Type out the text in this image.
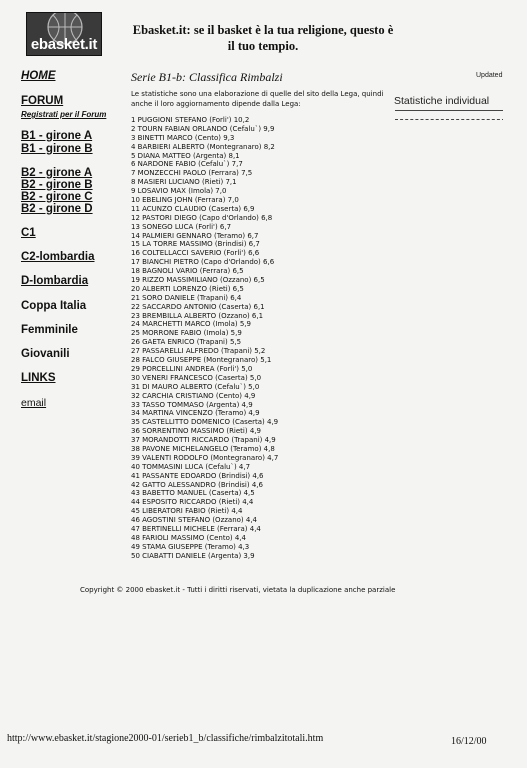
ebasket.it
Ebasket.it: se il basket è la tua religione, questo è il tuo tempio.
HOME
FORUM
Registrati per il Forum
B1 - girone A
B1 - girone B
B2 - girone A
B2 - girone B
B2 - girone C
B2 - girone D
C1
C2-lombardia
D-lombardia
Coppa Italia
Femminile
Giovanili
LINKS
email
Serie B1-b: Classifica Rimbalzi	Updated
Le statistiche sono una elaborazione di quelle del sito della Lega, quindi anche il loro aggiornamento dipende dalla Lega:
1 PUGGIONI STEFANO (Forli') 10,2
2 TOURN FABIAN ORLANDO (Cefalu`) 9,9
3 BINETTI MARCO (Cento) 9,3
4 BARBIERI ALBERTO (Montegranaro) 8,2
5 DIANA MATTEO (Argenta) 8,1
6 NARDONE FABIO (Cefalu`) 7,7
7 MONZECCHI PAOLO (Ferrara) 7,5
8 MASIERI LUCIANO (Rieti) 7,1
9 LOSAVIO MAX (Imola) 7,0
10 EBELING JOHN (Ferrara) 7,0
11 ACUNZO CLAUDIO (Caserta) 6,9
12 PASTORI DIEGO (Capo d'Orlando) 6,8
13 SONEGO LUCA (Forli') 6,7
14 PALMIERI GENNARO (Teramo) 6,7
15 LA TORRE MASSIMO (Brindisi) 6,7
16 COLTELLACCI SAVERIO (Forli') 6,6
17 BIANCHI PIETRO (Capo d'Orlando) 6,6
18 BAGNOLI VARIO (Ferrara) 6,5
19 RIZZO MASSIMILIANO (Ozzano) 6,5
20 ALBERTI LORENZO (Rieti) 6,5
21 SORO DANIELE (Trapani) 6,4
22 SACCARDO ANTONIO (Caserta) 6,1
23 BREMBILLA ALBERTO (Ozzano) 6,1
24 MARCHETTI MARCO (Imola) 5,9
25 MORRONE FABIO (Imola) 5,9
26 GAETA ENRICO (Trapani) 5,5
27 PASSARELLI ALFREDO (Trapani) 5,2
28 FALCO GIUSEPPE (Montegranaro) 5,1
29 PORCELLINI ANDREA (Forli') 5,0
30 VENERI FRANCESCO (Caserta) 5,0
31 DI MAURO ALBERTO (Cefalu`) 5,0
32 CARCHIA CRISTIANO (Cento) 4,9
33 TASSO TOMMASO (Argenta) 4,9
34 MARTINA VINCENZO (Teramo) 4,9
35 CASTELLITTO DOMENICO (Caserta) 4,9
36 SORRENTINO MASSIMO (Rieti) 4,9
37 MORANDOTTI RICCARDO (Trapani) 4,9
38 PAVONE MICHELANGELO (Teramo) 4,8
39 VALENTI RODOLFO (Montegranaro) 4,7
40 TOMMASINI LUCA (Cefalu`) 4,7
41 PASSANTE EDOARDO (Brindisi) 4,6
42 GATTO ALESSANDRO (Brindisi) 4,6
43 BABETTO MANUEL (Caserta) 4,5
44 ESPOSITO RICCARDO (Rieti) 4,4
45 LIBERATORI FABIO (Rieti) 4,4
46 AGOSTINI STEFANO (Ozzano) 4,4
47 BERTINELLI MICHELE (Ferrara) 4,4
48 FARIOLI MASSIMO (Cento) 4,4
49 STAMA GIUSEPPE (Teramo) 4,3
50 CIABATTI DANIELE (Argenta) 3,9
Statistiche individual
Copyright © 2000 ebasket.it - Tutti i diritti riservati, vietata la duplicazione anche parziale
http://www.ebasket.it/stagione2000-01/serieb1_b/classifiche/rimbalzitotali.htm	16/12/00
